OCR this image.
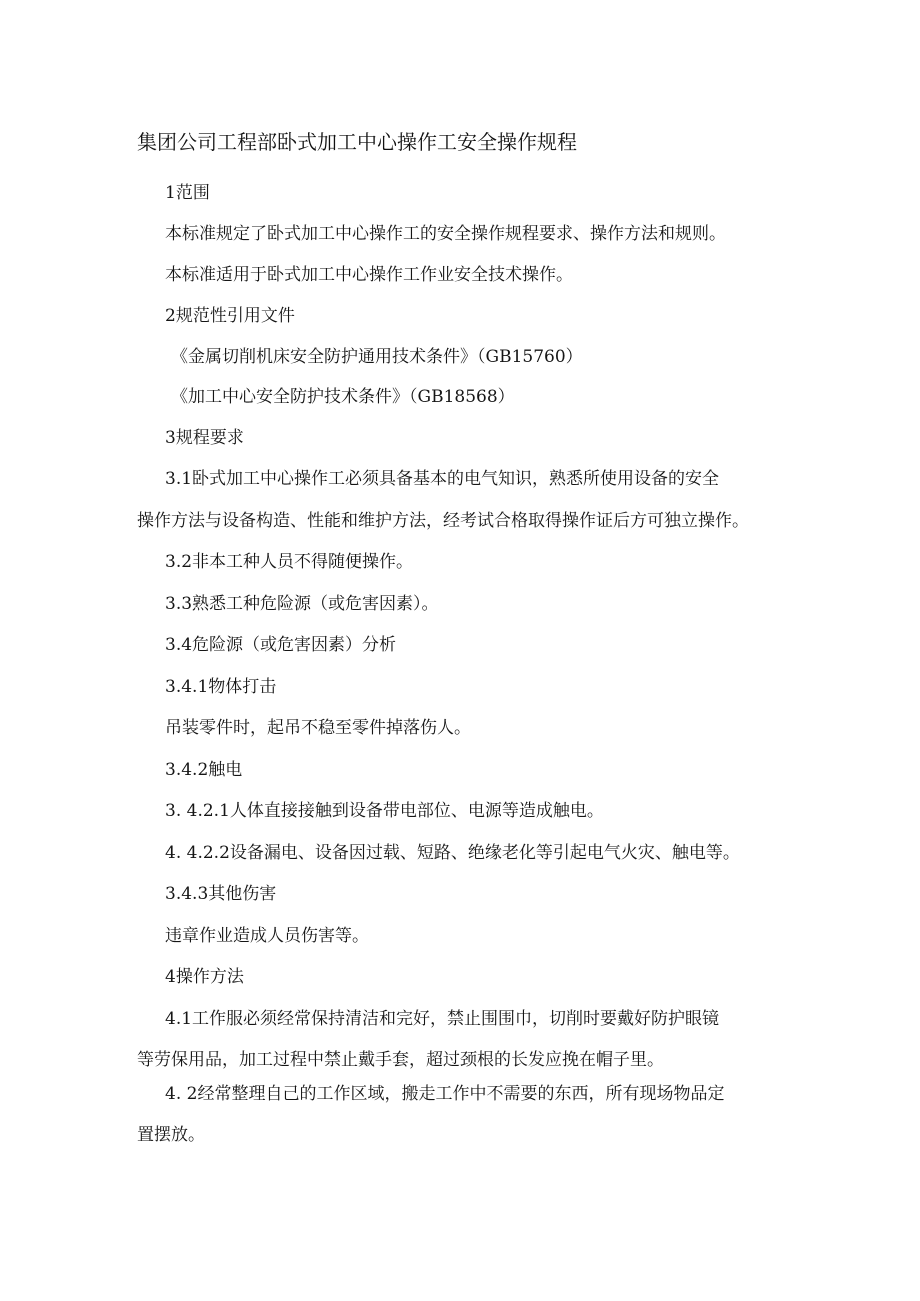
集团公司工程部卧式加工中心操作工安全操作规程
1范围
本标准规定了卧式加工中心操作工的安全操作规程要求、操作方法和规则。
本标准适用于卧式加工中心操作工作业安全技术操作。
2规范性引用文件
《金属切削机床安全防护通用技术条件》（GB15760）
《加工中心安全防护技术条件》（GB18568）
3规程要求
3.1卧式加工中心操作工必须具备基本的电气知识，熟悉所使用设备的安全
操作方法与设备构造、性能和维护方法，经考试合格取得操作证后方可独立操作。
3.2非本工种人员不得随便操作。
3.3熟悉工种危险源（或危害因素）。
3.4危险源（或危害因素）分析
3.4.1物体打击
吊装零件时，起吊不稳至零件掉落伤人。
3.4.2触电
3. 4.2.1人体直接接触到设备带电部位、电源等造成触电。
4. 4.2.2设备漏电、设备因过载、短路、绝缘老化等引起电气火灾、触电等。
3.4.3其他伤害
违章作业造成人员伤害等。
4操作方法
4.1工作服必须经常保持清洁和完好，禁止围围巾，切削时要戴好防护眼镜
等劳保用品，加工过程中禁止戴手套，超过颈根的长发应挽在帽子里。
4. 2经常整理自己的工作区域，搬走工作中不需要的东西，所有现场物品定
置摆放。
